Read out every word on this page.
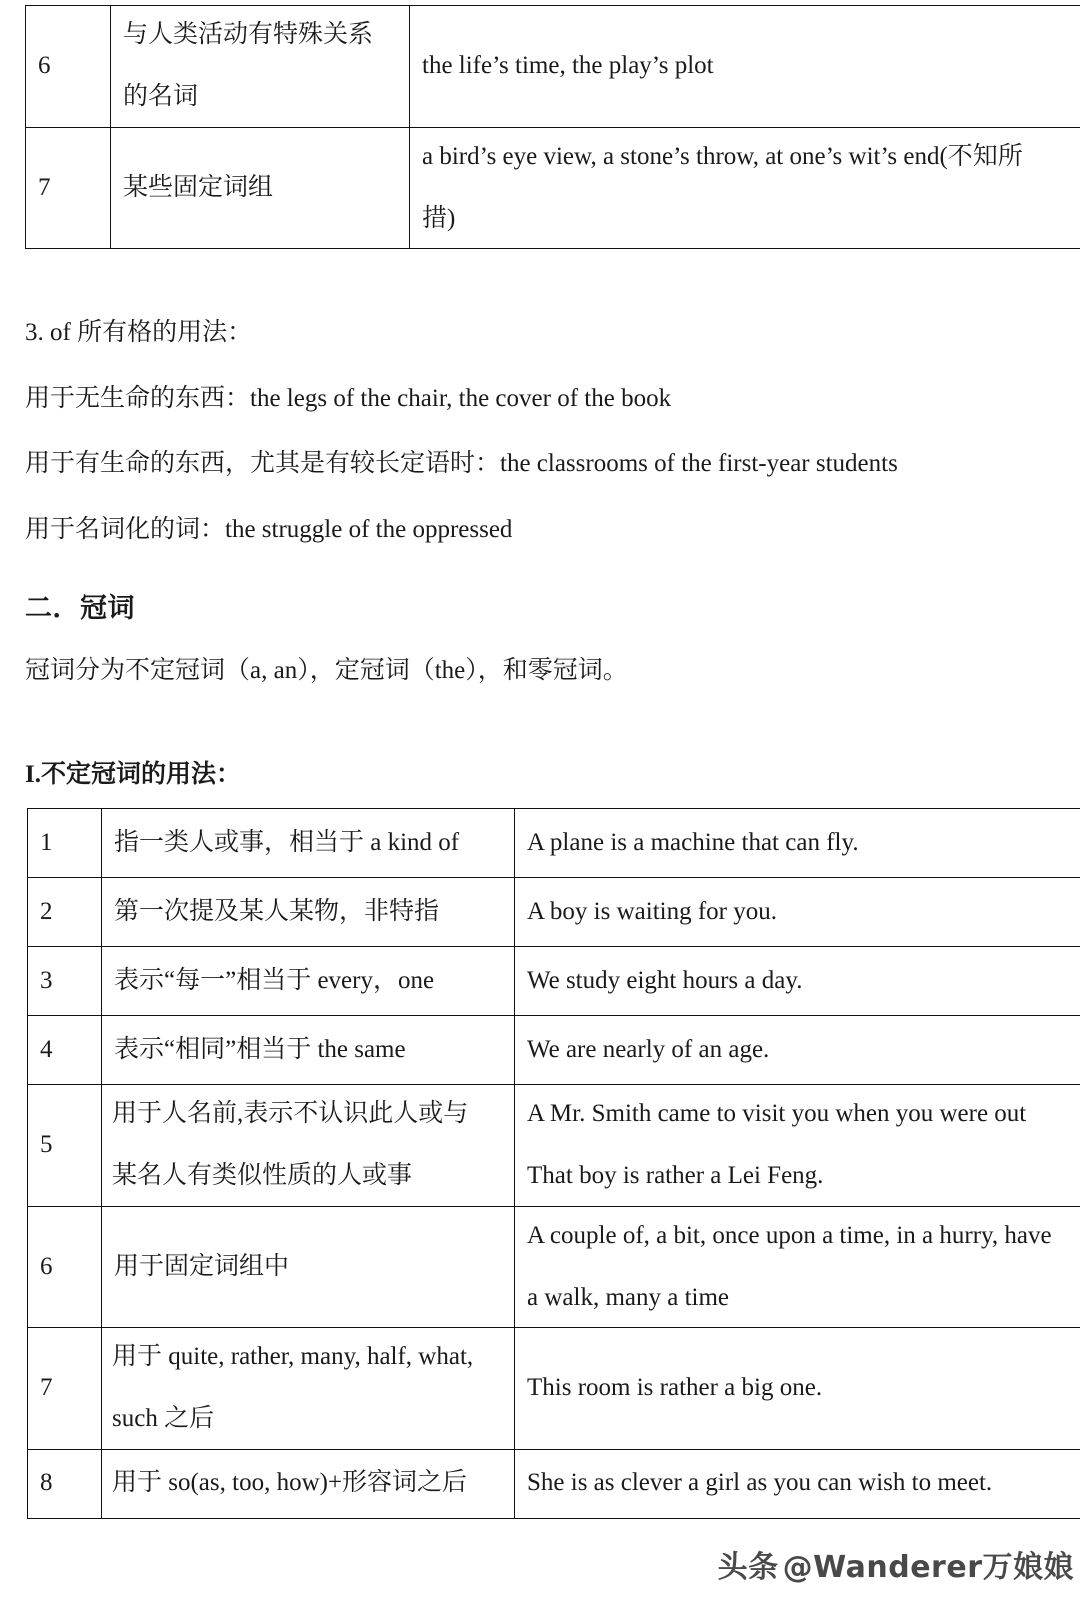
6	与人类活动有特殊关系
的名词	the life’s time, the play’s plot

7	某些固定词组	a bird’s eye view, a stone’s throw, at one’s wit’s end(不知所
措)

3. of 所有格的用法：

用于无生命的东西：the legs of the chair, the cover of the book

用于有生命的东西，尤其是有较长定语时：the classrooms of the first-year students

用于名词化的词：the struggle of the oppressed

二．冠词

冠词分为不定冠词（a, an），定冠词（the），和零冠词。

I.不定冠词的用法：
1	指一类人或事，相当于 a kind of	A plane is a machine that can fly.

2	第一次提及某人某物，非特指	A boy is waiting for you.

3	表示“每一”相当于 every，one	We study eight hours a day.

4	表示“相同”相当于 the same	We are nearly of an age.

5	用于人名前,表示不认识此人或与
某名人有类似性质的人或事	A Mr. Smith came to visit you when you were out
That boy is rather a Lei Feng.

6	用于固定词组中	A couple of, a bit, once upon a time, in a hurry, have
a walk, many a time

7	用于 quite, rather, many, half, what,
such 之后	This room is rather a big one.

8	用于 so(as, too, how)+形容词之后	She is as clever a girl as you can wish to meet.
头条 @Wanderer万娘娘
